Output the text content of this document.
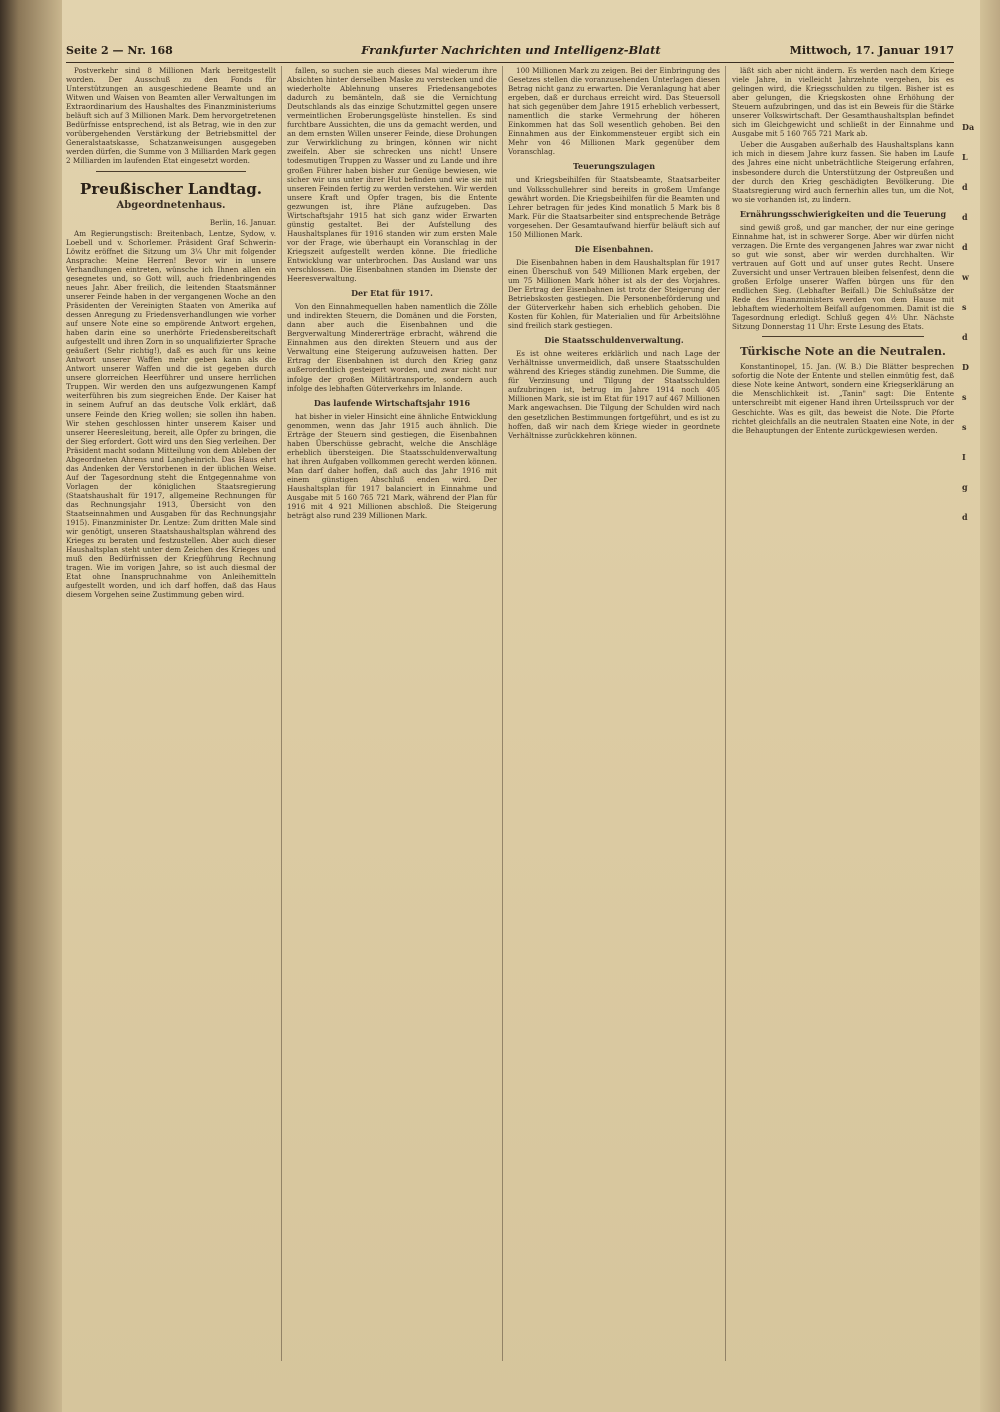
Seite 2 — Nr. 168	Frankfurter Nachrichten und Intelligenz-Blatt	Mittwoch, 17. Januar 1917

Postverkehr sind 8 Millionen Mark bereitgestellt worden. Der Ausschuß zu den Fonds für Unterstützungen an ausgeschiedene Beamte und an Witwen und Waisen von Beamten aller Verwaltungen im Extraordinarium des Haushaltes des Finanzministeriums beläuft sich auf 3 Millionen Mark. Dem hervorgetretenen Bedürfnisse entsprechend, ist als Betrag, wie in den zur vorübergehenden Verstärkung der Betriebsmittel der Generalstaatskasse, Schatzanweisungen ausgegeben werden dürfen, die Summe von 3 Milliarden Mark gegen 2 Milliarden im laufenden Etat eingesetzt worden.

Preußischer Landtag.
Abgeordnetenhaus.

Berlin, 16. Januar.

Am Regierungstisch: Breitenbach, Lentze, Sydow, v. Loebell und v. Schorlemer. Präsident Graf Schwerin-Löwitz eröffnet die Sitzung um 3¼ Uhr mit folgender Ansprache: Meine Herren! Bevor wir in unsere Verhandlungen eintreten, wünsche ich Ihnen allen ein gesegnetes und, so Gott will, auch friedenbringendes neues Jahr. Aber freilich, die leitenden Staatsmänner unserer Feinde haben in der vergangenen Woche an den Präsidenten der Vereinigten Staaten von Amerika auf dessen Anregung zu Friedensverhandlungen wie vorher auf unsere Note eine so empörende Antwort ergehen, haben darin eine so unerhörte Friedensbereitschaft aufgestellt und ihren Zorn in so unqualifizierter Sprache geäußert (Sehr richtig!), daß es auch für uns keine Antwort unserer Waffen mehr geben kann als die Antwort unserer Waffen und die ist gegeben durch unsere glorreichen Heerführer und unsere herrlichen Truppen. Wir werden den uns aufgezwungenen Kampf weiterführen bis zum siegreichen Ende. Der Kaiser hat in seinem Aufruf an das deutsche Volk erklärt, daß unsere Feinde den Krieg wollen; sie sollen ihn haben. Wir stehen geschlossen hinter unserem Kaiser und unserer Heeresleitung, bereit, alle Opfer zu bringen, die der Sieg erfordert. Gott wird uns den Sieg verleihen. Der Präsident macht sodann Mitteilung von dem Ableben der Abgeordneten Ahrens und Langheinrich. Das Haus ehrt das Andenken der Verstorbenen in der üblichen Weise. Auf der Tagesordnung steht die Entgegennahme von Vorlagen der königlichen Staatsregierung (Staatshaushalt für 1917, allgemeine Rechnungen für das Rechnungsjahr 1913, Übersicht von den Staatseinnahmen und Ausgaben für das Rechnungsjahr 1915). Finanzminister Dr. Lentze: Zum dritten Male sind wir genötigt, unseren Staatshaushaltsplan während des Krieges zu beraten und festzustellen. Aber auch dieser Haushaltsplan steht unter dem Zeichen des Krieges und muß den Bedürfnissen der Kriegführung Rechnung tragen. Wie im vorigen Jahre, so ist auch diesmal der Etat ohne Inanspruchnahme von Anleihemitteln aufgestellt worden, und ich darf hoffen, daß das Haus diesem Vorgehen seine Zustimmung geben wird.

fallen, so suchen sie auch dieses Mal wiederum ihre Absichten hinter derselben Maske zu verstecken und die wiederholte Ablehnung unseres Friedensangebotes dadurch zu bemänteln, daß sie die Vernichtung Deutschlands als das einzige Schutzmittel gegen unsere vermeintlichen Eroberungsgelüste hinstellen. Es sind furchtbare Aussichten, die uns da gemacht werden, und an dem ernsten Willen unserer Feinde, diese Drohungen zur Verwirklichung zu bringen, können wir nicht zweifeln. Aber sie schrecken uns nicht! Unsere todesmutigen Truppen zu Wasser und zu Lande und ihre großen Führer haben bisher zur Genüge bewiesen, wie sicher wir uns unter ihrer Hut befinden und wie sie mit unseren Feinden fertig zu werden verstehen. Wir werden unsere Kraft und Opfer tragen, bis die Entente gezwungen ist, ihre Pläne aufzugeben. Das Wirtschaftsjahr 1915 hat sich ganz wider Erwarten günstig gestaltet. Bei der Aufstellung des Haushaltsplanes für 1916 standen wir zum ersten Male vor der Frage, wie überhaupt ein Voranschlag in der Kriegszeit aufgestellt werden könne. Die friedliche Entwicklung war unterbrochen. Das Ausland war uns verschlossen. Die Eisenbahnen standen im Dienste der Heeresverwaltung.

Der Etat für 1917.

Von den Einnahmequellen haben namentlich die Zölle und indirekten Steuern, die Domänen und die Forsten, dann aber auch die Eisenbahnen und die Bergverwaltung Mindererträge erbracht, während die Einnahmen aus den direkten Steuern und aus der Verwaltung eine Steigerung aufzuweisen hatten. Der Ertrag der Eisenbahnen ist durch den Krieg ganz außerordentlich gesteigert worden, und zwar nicht nur infolge der großen Militärtransporte, sondern auch infolge des lebhaften Güterverkehrs im Inlande.

Das laufende Wirtschaftsjahr 1916

hat bisher in vieler Hinsicht eine ähnliche Entwicklung genommen, wenn das Jahr 1915 auch ähnlich. Die Erträge der Steuern sind gestiegen, die Eisenbahnen haben Überschüsse gebracht, welche die Anschläge erheblich übersteigen. Die Staatsschuldenverwaltung hat ihren Aufgaben vollkommen gerecht werden können. Man darf daher hoffen, daß auch das Jahr 1916 mit einem günstigen Abschluß enden wird. Der Haushaltsplan für 1917 balanciert in Einnahme und Ausgabe mit 5 160 765 721 Mark, während der Plan für 1916 mit 4 921 Millionen abschloß. Die Steigerung beträgt also rund 239 Millionen Mark.

100 Millionen Mark zu zeigen. Bei der Einbringung des Gesetzes stellen die voranzusehenden Unterlagen diesen Betrag nicht ganz zu erwarten. Die Veranlagung hat aber ergeben, daß er durchaus erreicht wird. Das Steuersoll hat sich gegenüber dem Jahre 1915 erheblich verbessert, namentlich die starke Vermehrung der höheren Einkommen hat das Soll wesentlich gehoben. Bei den Einnahmen aus der Einkommensteuer ergibt sich ein Mehr von 46 Millionen Mark gegenüber dem Voranschlag.

Teuerungszulagen

und Kriegsbeihilfen für Staatsbeamte, Staatsarbeiter und Volksschullehrer sind bereits in großem Umfange gewährt worden. Die Kriegsbeihilfen für die Beamten und Lehrer betragen für jedes Kind monatlich 5 Mark bis 8 Mark. Für die Staatsarbeiter sind entsprechende Beträge vorgesehen. Der Gesamtaufwand hierfür beläuft sich auf 150 Millionen Mark.

Die Eisenbahnen.

Die Eisenbahnen haben in dem Haushaltsplan für 1917 einen Überschuß von 549 Millionen Mark ergeben, der um 75 Millionen Mark höher ist als der des Vorjahres. Der Ertrag der Eisenbahnen ist trotz der Steigerung der Betriebskosten gestiegen. Die Personenbeförderung und der Güterverkehr haben sich erheblich gehoben. Die Kosten für Kohlen, für Materialien und für Arbeitslöhne sind freilich stark gestiegen.

Die Staatsschuldenverwaltung.

Es ist ohne weiteres erklärlich und nach Lage der Verhältnisse unvermeidlich, daß unsere Staatsschulden während des Krieges ständig zunehmen. Die Summe, die für Verzinsung und Tilgung der Staatsschulden aufzubringen ist, betrug im Jahre 1914 noch 405 Millionen Mark, sie ist im Etat für 1917 auf 467 Millionen Mark angewachsen. Die Tilgung der Schulden wird nach den gesetzlichen Bestimmungen fortgeführt, und es ist zu hoffen, daß wir nach dem Kriege wieder in geordnete Verhältnisse zurückkehren können.

läßt sich aber nicht ändern. Es werden nach dem Kriege viele Jahre, in vielleicht Jahrzehnte vergehen, bis es gelingen wird, die Kriegsschulden zu tilgen. Bisher ist es aber gelungen, die Kriegskosten ohne Erhöhung der Steuern aufzubringen, und das ist ein Beweis für die Stärke unserer Volkswirtschaft. Der Gesamthaushaltsplan befindet sich im Gleichgewicht und schließt in der Einnahme und Ausgabe mit 5 160 765 721 Mark ab.

Ueber die Ausgaben außerhalb des Haushaltsplans kann ich mich in diesem Jahre kurz fassen. Sie haben im Laufe des Jahres eine nicht unbeträchtliche Steigerung erfahren, insbesondere durch die Unterstützung der Ostpreußen und der durch den Krieg geschädigten Bevölkerung. Die Staatsregierung wird auch fernerhin alles tun, um die Not, wo sie vorhanden ist, zu lindern.

Ernährungsschwierigkeiten und die Teuerung

sind gewiß groß, und gar mancher, der nur eine geringe Einnahme hat, ist in schwerer Sorge. Aber wir dürfen nicht verzagen. Die Ernte des vergangenen Jahres war zwar nicht so gut wie sonst, aber wir werden durchhalten. Wir vertrauen auf Gott und auf unser gutes Recht. Unsere Zuversicht und unser Vertrauen bleiben felsenfest, denn die großen Erfolge unserer Waffen bürgen uns für den endlichen Sieg. (Lebhafter Beifall.) Die Schlußsätze der Rede des Finanzministers werden von dem Hause mit lebhaftem wiederholtem Beifall aufgenommen. Damit ist die Tagesordnung erledigt. Schluß gegen 4½ Uhr. Nächste Sitzung Donnerstag 11 Uhr: Erste Lesung des Etats.

Türkische Note an die Neutralen.

Konstantinopel, 15. Jan. (W. B.) Die Blätter besprechen sofortig die Note der Entente und stellen einmütig fest, daß diese Note keine Antwort, sondern eine Kriegserklärung an die Menschlichkeit ist. „Tanin" sagt: Die Entente unterschreibt mit eigener Hand ihren Urteilsspruch vor der Geschichte. Was es gilt, das beweist die Note. Die Pforte richtet gleichfalls an die neutralen Staaten eine Note, in der die Behauptungen der Entente zurückgewiesen werden.

Da
L
d
d
d
w
s
d
D
s
s
I
g
d
